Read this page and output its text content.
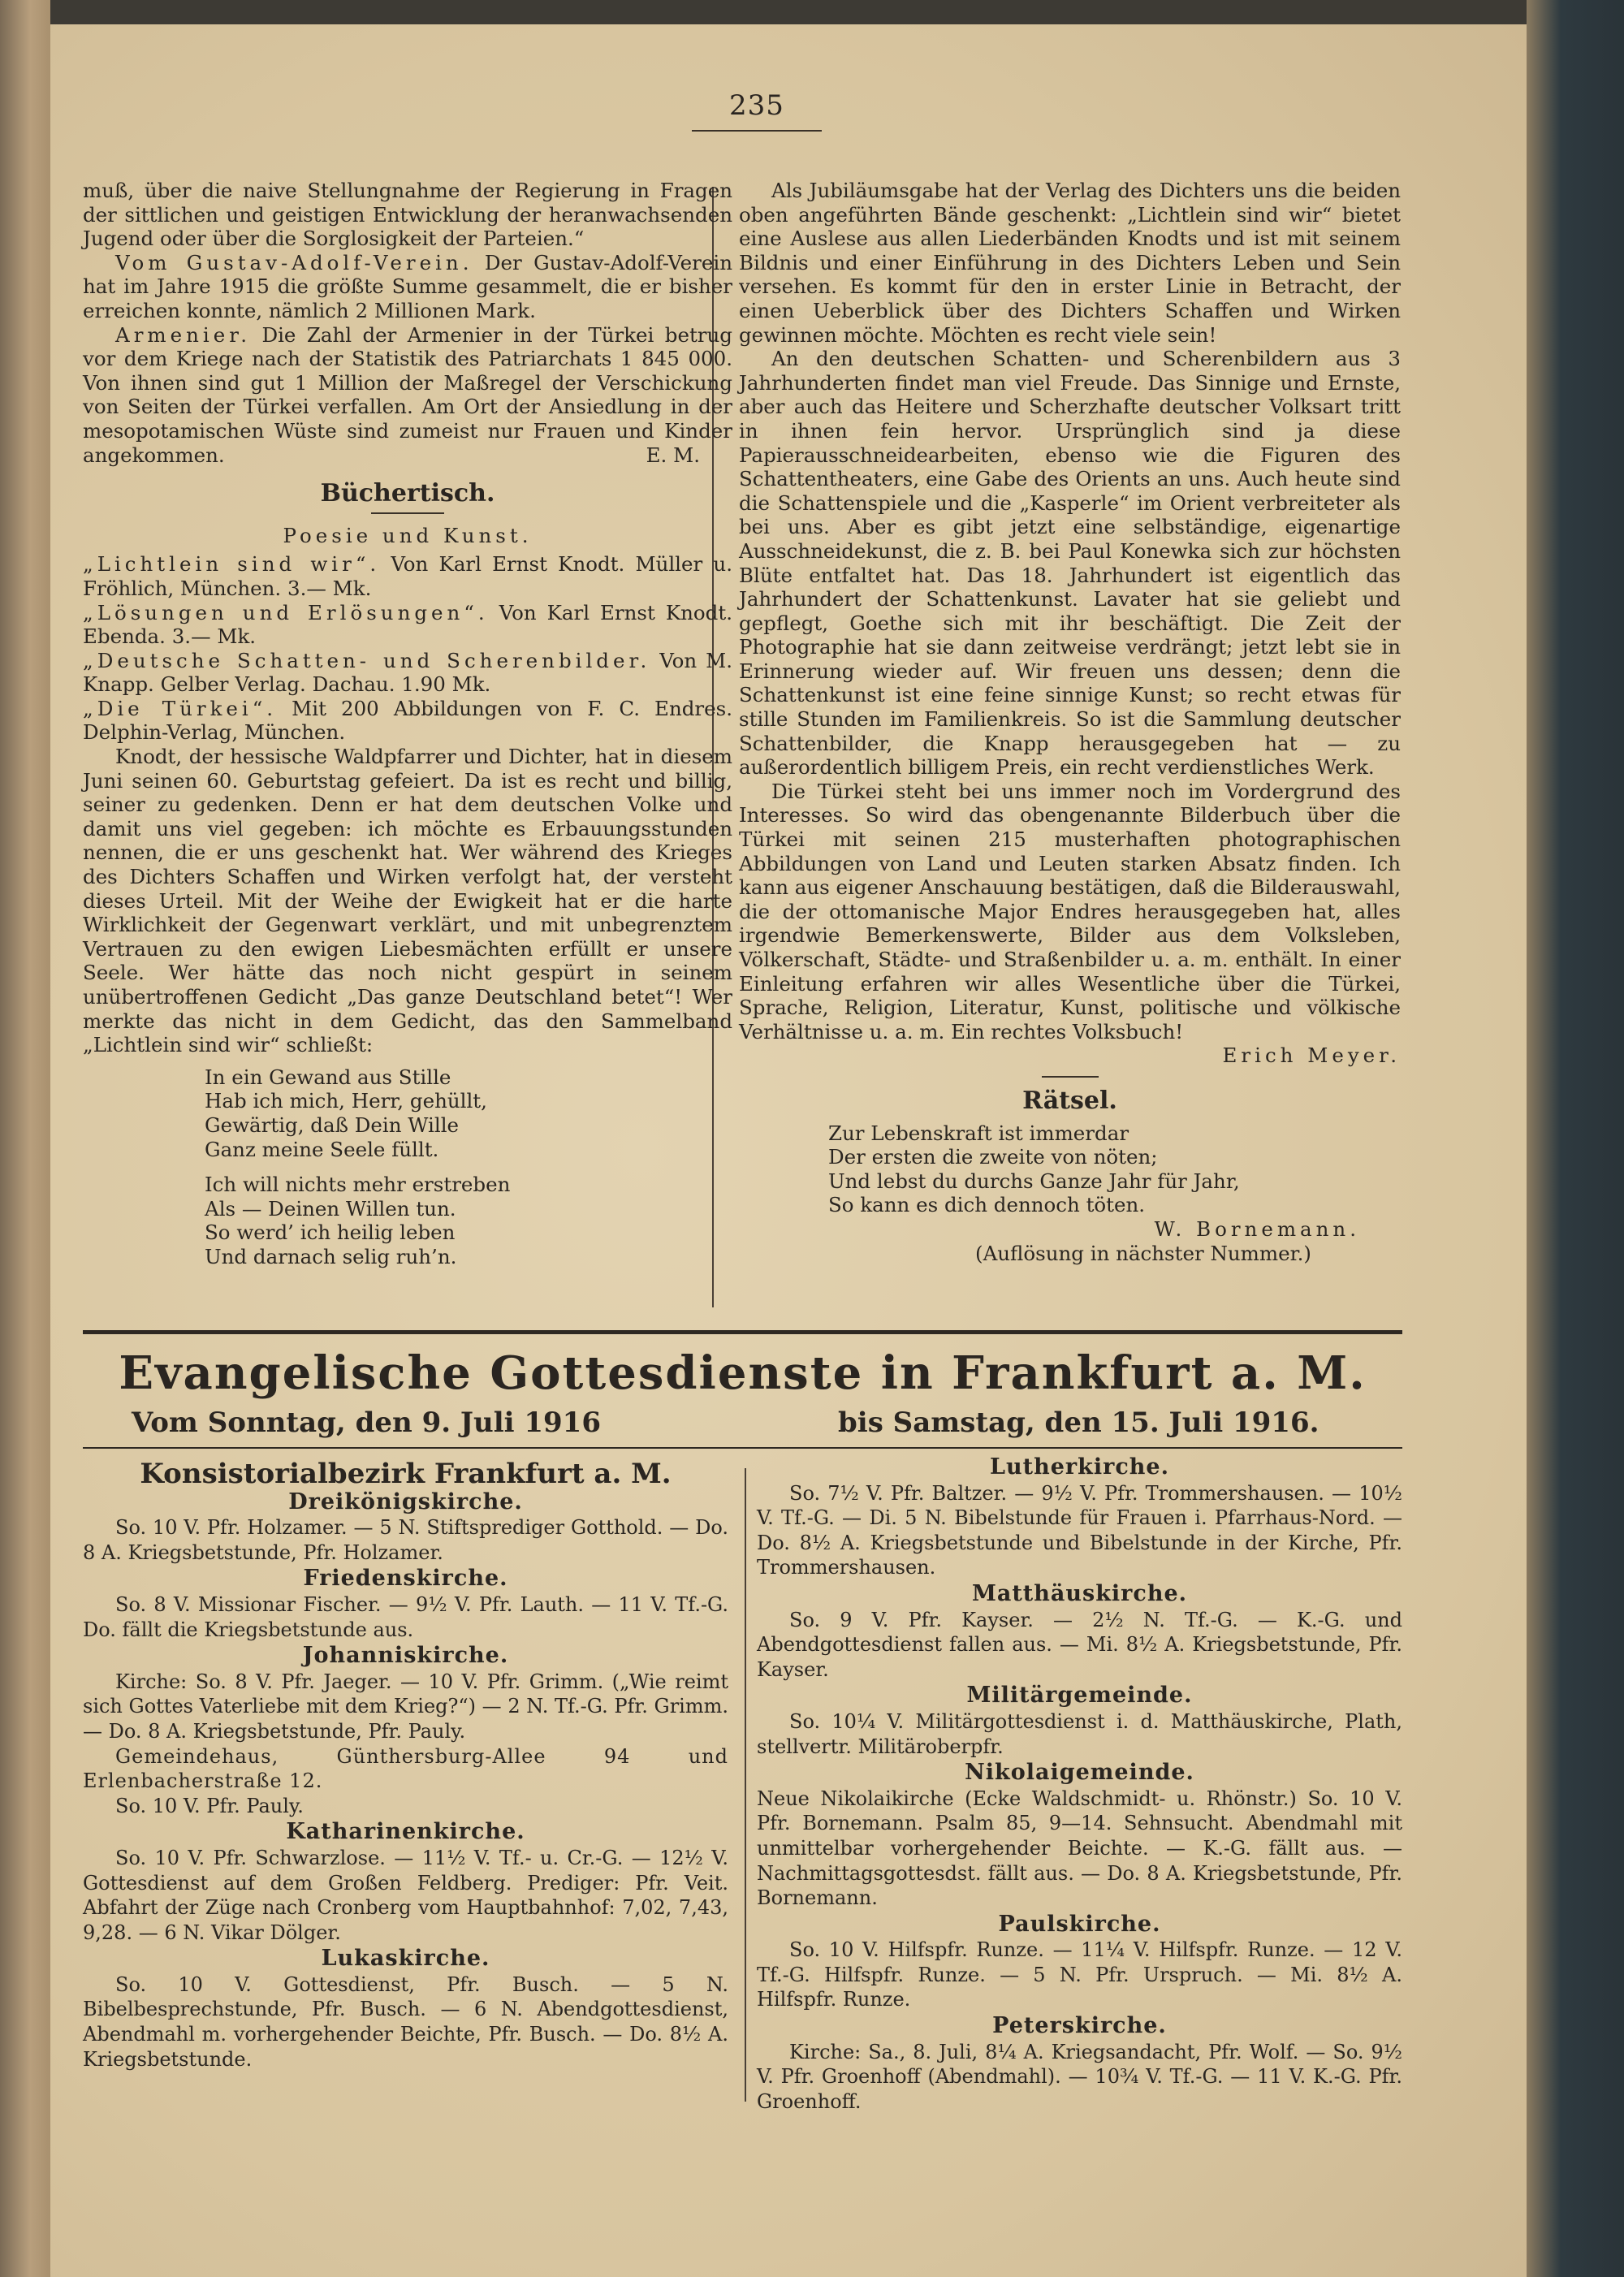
235

muß, über die naive Stellungnahme der Regierung in Fragen der sittlichen und geistigen Entwicklung der heranwachsenden Jugend oder über die Sorglosigkeit der Parteien.“

Vom Gustav-Adolf-Verein. Der Gustav-Adolf-Verein hat im Jahre 1915 die größte Summe gesammelt, die er bisher erreichen konnte, nämlich 2 Millionen Mark.

Armenier. Die Zahl der Armenier in der Türkei betrug vor dem Kriege nach der Statistik des Patriarchats 1 845 000. Von ihnen sind gut 1 Million der Maßregel der Verschickung von Seiten der Türkei verfallen. Am Ort der Ansiedlung in der mesopotamischen Wüste sind zumeist nur Frauen und Kinder angekommen.	E. M.

Büchertisch.
Poesie und Kunst.

„Lichtlein sind wir“. Von Karl Ernst Knodt. Müller u. Fröhlich, München. 3.— Mk.

„Lösungen und Erlösungen“. Von Karl Ernst Knodt. Ebenda. 3.— Mk.

„Deutsche Schatten- und Scherenbilder. Von M. Knapp. Gelber Verlag. Dachau. 1.90 Mk.

„Die Türkei“. Mit 200 Abbildungen von F. C. Endres. Delphin-Verlag, München.

Knodt, der hessische Waldpfarrer und Dichter, hat in diesem Juni seinen 60. Geburtstag gefeiert. Da ist es recht und billig, seiner zu gedenken. Denn er hat dem deutschen Volke und damit uns viel gegeben: ich möchte es Erbauungsstunden nennen, die er uns geschenkt hat. Wer während des Krieges des Dichters Schaffen und Wirken verfolgt hat, der versteht dieses Urteil. Mit der Weihe der Ewigkeit hat er die harte Wirklichkeit der Gegenwart verklärt, und mit unbegrenztem Vertrauen zu den ewigen Liebesmächten erfüllt er unsere Seele. Wer hätte das noch nicht gespürt in seinem unübertroffenen Gedicht „Das ganze Deutschland betet“! Wer merkte das nicht in dem Gedicht, das den Sammelband „Lichtlein sind wir“ schließt:

In ein Gewand aus Stille
Hab ich mich, Herr, gehüllt,
Gewärtig, daß Dein Wille
Ganz meine Seele füllt.
Ich will nichts mehr erstreben
Als — Deinen Willen tun.
So werd’ ich heilig leben
Und darnach selig ruh’n.

Als Jubiläumsgabe hat der Verlag des Dichters uns die beiden oben angeführten Bände geschenkt: „Lichtlein sind wir“ bietet eine Auslese aus allen Liederbänden Knodts und ist mit seinem Bildnis und einer Einführung in des Dichters Leben und Sein versehen. Es kommt für den in erster Linie in Betracht, der einen Ueberblick über des Dichters Schaffen und Wirken gewinnen möchte. Möchten es recht viele sein!

An den deutschen Schatten- und Scherenbildern aus 3 Jahrhunderten findet man viel Freude. Das Sinnige und Ernste, aber auch das Heitere und Scherzhafte deutscher Volksart tritt in ihnen fein hervor. Ursprünglich sind ja diese Papierausschneidearbeiten, ebenso wie die Figuren des Schattentheaters, eine Gabe des Orients an uns. Auch heute sind die Schattenspiele und die „Kasperle“ im Orient verbreiteter als bei uns. Aber es gibt jetzt eine selbständige, eigenartige Ausschneidekunst, die z. B. bei Paul Konewka sich zur höchsten Blüte entfaltet hat. Das 18. Jahrhundert ist eigentlich das Jahrhundert der Schattenkunst. Lavater hat sie geliebt und gepflegt, Goethe sich mit ihr beschäftigt. Die Zeit der Photographie hat sie dann zeitweise verdrängt; jetzt lebt sie in Erinnerung wieder auf. Wir freuen uns dessen; denn die Schattenkunst ist eine feine sinnige Kunst; so recht etwas für stille Stunden im Familienkreis. So ist die Sammlung deutscher Schattenbilder, die Knapp herausgegeben hat — zu außerordentlich billigem Preis, ein recht verdienstliches Werk.

Die Türkei steht bei uns immer noch im Vordergrund des Interesses. So wird das obengenannte Bilderbuch über die Türkei mit seinen 215 musterhaften photographischen Abbildungen von Land und Leuten starken Absatz finden. Ich kann aus eigener Anschauung bestätigen, daß die Bilderauswahl, die der ottomanische Major Endres herausgegeben hat, alles irgendwie Bemerkenswerte, Bilder aus dem Volksleben, Völkerschaft, Städte- und Straßenbilder u. a. m. enthält. In einer Einleitung erfahren wir alles Wesentliche über die Türkei, Sprache, Religion, Literatur, Kunst, politische und völkische Verhältnisse u. a. m. Ein rechtes Volksbuch!

Erich Meyer.
Rätsel.
Zur Lebenskraft ist immerdar
Der ersten die zweite von nöten;
Und lebst du durchs Ganze Jahr für Jahr,
So kann es dich dennoch töten.
W. Bornemann.
(Auflösung in nächster Nummer.)
Evangelische Gottesdienste in Frankfurt a. M.
Vom Sonntag, den 9. Juli 1916	bis Samstag, den 15. Juli 1916.
Konsistorialbezirk Frankfurt a. M.
Dreikönigskirche.

So. 10 V. Pfr. Holzamer. — 5 N. Stiftsprediger Gotthold. — Do. 8 A. Kriegsbetstunde, Pfr. Holzamer.

Friedenskirche.

So. 8 V. Missionar Fischer. — 9½ V. Pfr. Lauth. — 11 V. Tf.-G. Do. fällt die Kriegsbetstunde aus.

Johanniskirche.

Kirche: So. 8 V. Pfr. Jaeger. — 10 V. Pfr. Grimm. („Wie reimt sich Gottes Vaterliebe mit dem Krieg?“) — 2 N. Tf.-G. Pfr. Grimm. — Do. 8 A. Kriegsbetstunde, Pfr. Pauly.

Gemeindehaus, Günthersburg-Allee 94 und Erlenbacherstraße 12.

So. 10 V. Pfr. Pauly.

Katharinenkirche.

So. 10 V. Pfr. Schwarzlose. — 11½ V. Tf.- u. Cr.-G. — 12½ V. Gottesdienst auf dem Großen Feldberg. Prediger: Pfr. Veit. Abfahrt der Züge nach Cronberg vom Hauptbahnhof: 7,02, 7,43, 9,28. — 6 N. Vikar Dölger.

Lukaskirche.

So. 10 V. Gottesdienst, Pfr. Busch. — 5 N. Bibelbesprechstunde, Pfr. Busch. — 6 N. Abendgottesdienst, Abendmahl m. vorhergehender Beichte, Pfr. Busch. — Do. 8½ A. Kriegsbetstunde.

Lutherkirche.

So. 7½ V. Pfr. Baltzer. — 9½ V. Pfr. Trommershausen. — 10½ V. Tf.-G. — Di. 5 N. Bibelstunde für Frauen i. Pfarrhaus-Nord. — Do. 8½ A. Kriegsbetstunde und Bibelstunde in der Kirche, Pfr. Trommershausen.

Matthäuskirche.

So. 9 V. Pfr. Kayser. — 2½ N. Tf.-G. — K.-G. und Abendgottesdienst fallen aus. — Mi. 8½ A. Kriegsbetstunde, Pfr. Kayser.

Militärgemeinde.

So. 10¼ V. Militärgottesdienst i. d. Matthäuskirche, Plath, stellvertr. Militäroberpfr.

Nikolaigemeinde.

Neue Nikolaikirche (Ecke Waldschmidt- u. Rhönstr.) So. 10 V. Pfr. Bornemann. Psalm 85, 9—14. Sehnsucht. Abendmahl mit unmittelbar vorhergehender Beichte. — K.-G. fällt aus. — Nachmittagsgottesdst. fällt aus. — Do. 8 A. Kriegsbetstunde, Pfr. Bornemann.

Paulskirche.

So. 10 V. Hilfspfr. Runze. — 11¼ V. Hilfspfr. Runze. — 12 V. Tf.-G. Hilfspfr. Runze. — 5 N. Pfr. Urspruch. — Mi. 8½ A. Hilfspfr. Runze.

Peterskirche.

Kirche: Sa., 8. Juli, 8¼ A. Kriegsandacht, Pfr. Wolf. — So. 9½ V. Pfr. Groenhoff (Abendmahl). — 10¾ V. Tf.-G. — 11 V. K.-G. Pfr. Groenhoff.
